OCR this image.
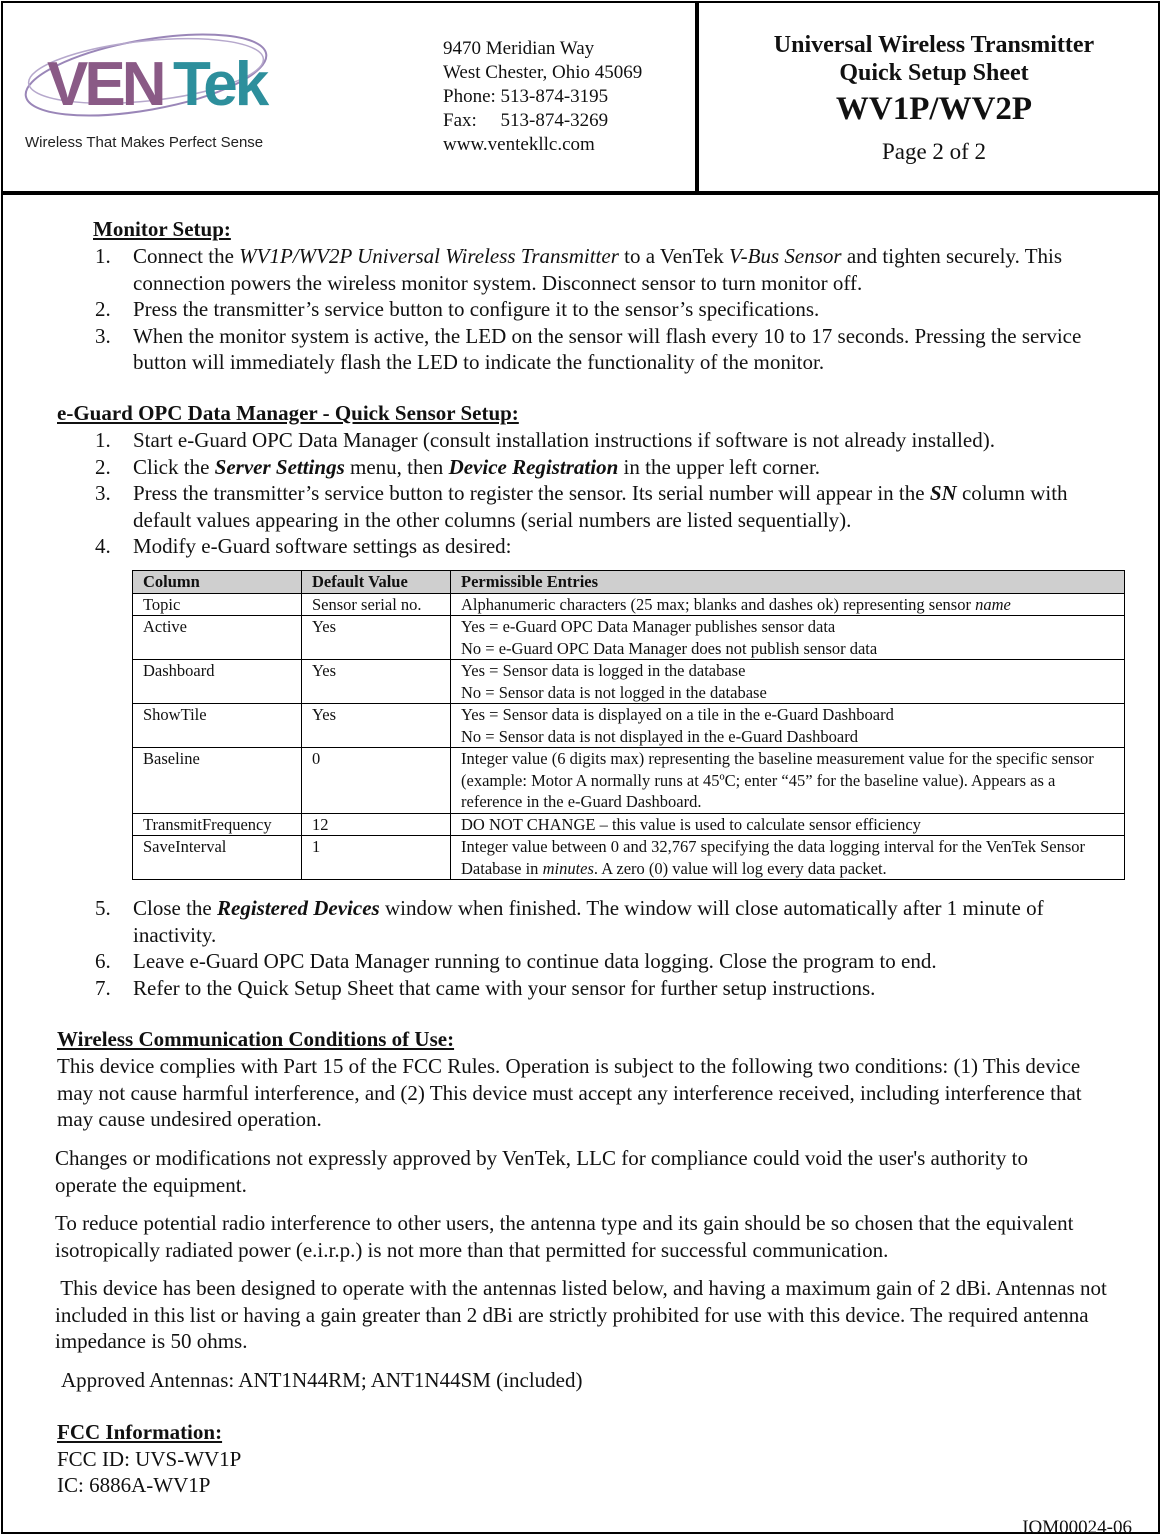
VEN Tek
Wireless That Makes Perfect Sense
9470 Meridian Way
West Chester, Ohio 45069
Phone: 513-874-3195
Fax:     513-874-3269
www.ventekllc.com
Universal Wireless Transmitter
Quick Setup Sheet
WV1P/WV2P
Page 2 of 2
Monitor Setup:
1. Connect the WV1P/WV2P Universal Wireless Transmitter to a VenTek V-Bus Sensor and tighten securely. This connection powers the wireless monitor system. Disconnect sensor to turn monitor off.
2. Press the transmitter’s service button to configure it to the sensor’s specifications.
3. When the monitor system is active, the LED on the sensor will flash every 10 to 17 seconds. Pressing the service button will immediately flash the LED to indicate the functionality of the monitor.
e-Guard OPC Data Manager - Quick Sensor Setup:
1. Start e-Guard OPC Data Manager (consult installation instructions if software is not already installed).
2. Click the Server Settings menu, then Device Registration in the upper left corner.
3. Press the transmitter’s service button to register the sensor. Its serial number will appear in the SN column with default values appearing in the other columns (serial numbers are listed sequentially).
4. Modify e-Guard software settings as desired:
Column	Default Value	Permissible Entries
Topic	Sensor serial no.	Alphanumeric characters (25 max; blanks and dashes ok) representing sensor name
Active	Yes	Yes = e-Guard OPC Data Manager publishes sensor data
No = e-Guard OPC Data Manager does not publish sensor data

Dashboard	Yes	Yes = Sensor data is logged in the database
No = Sensor data is not logged in the database

ShowTile	Yes	Yes = Sensor data is displayed on a tile in the e-Guard Dashboard
No = Sensor data is not displayed in the e-Guard Dashboard

Baseline	0	Integer value (6 digits max) representing the baseline measurement value for the specific sensor (example: Motor A normally runs at 45ºC; enter “45” for the baseline value). Appears as a reference in the e-Guard Dashboard.
TransmitFrequency	12	DO NOT CHANGE – this value is used to calculate sensor efficiency
SaveInterval	1	Integer value between 0 and 32,767 specifying the data logging interval for the VenTek Sensor Database in minutes. A zero (0) value will log every data packet.
5. Close the Registered Devices window when finished. The window will close automatically after 1 minute of inactivity.
6. Leave e-Guard OPC Data Manager running to continue data logging. Close the program to end.
7. Refer to the Quick Setup Sheet that came with your sensor for further setup instructions.
Wireless Communication Conditions of Use:
This device complies with Part 15 of the FCC Rules. Operation is subject to the following two conditions: (1) This device may not cause harmful interference, and (2) This device must accept any interference received, including interference that may cause undesired operation.
Changes or modifications not expressly approved by VenTek, LLC for compliance could void the user's authority to operate the equipment.
To reduce potential radio interference to other users, the antenna type and its gain should be so chosen that the equivalent isotropically radiated power (e.i.r.p.) is not more than that permitted for successful communication.
This device has been designed to operate with the antennas listed below, and having a maximum gain of 2 dBi. Antennas not included in this list or having a gain greater than 2 dBi are strictly prohibited for use with this device. The required antenna impedance is 50 ohms.
Approved Antennas: ANT1N44RM; ANT1N44SM (included)
FCC Information:
FCC ID: UVS-WV1P
IC: 6886A-WV1P
IOM00024-06
